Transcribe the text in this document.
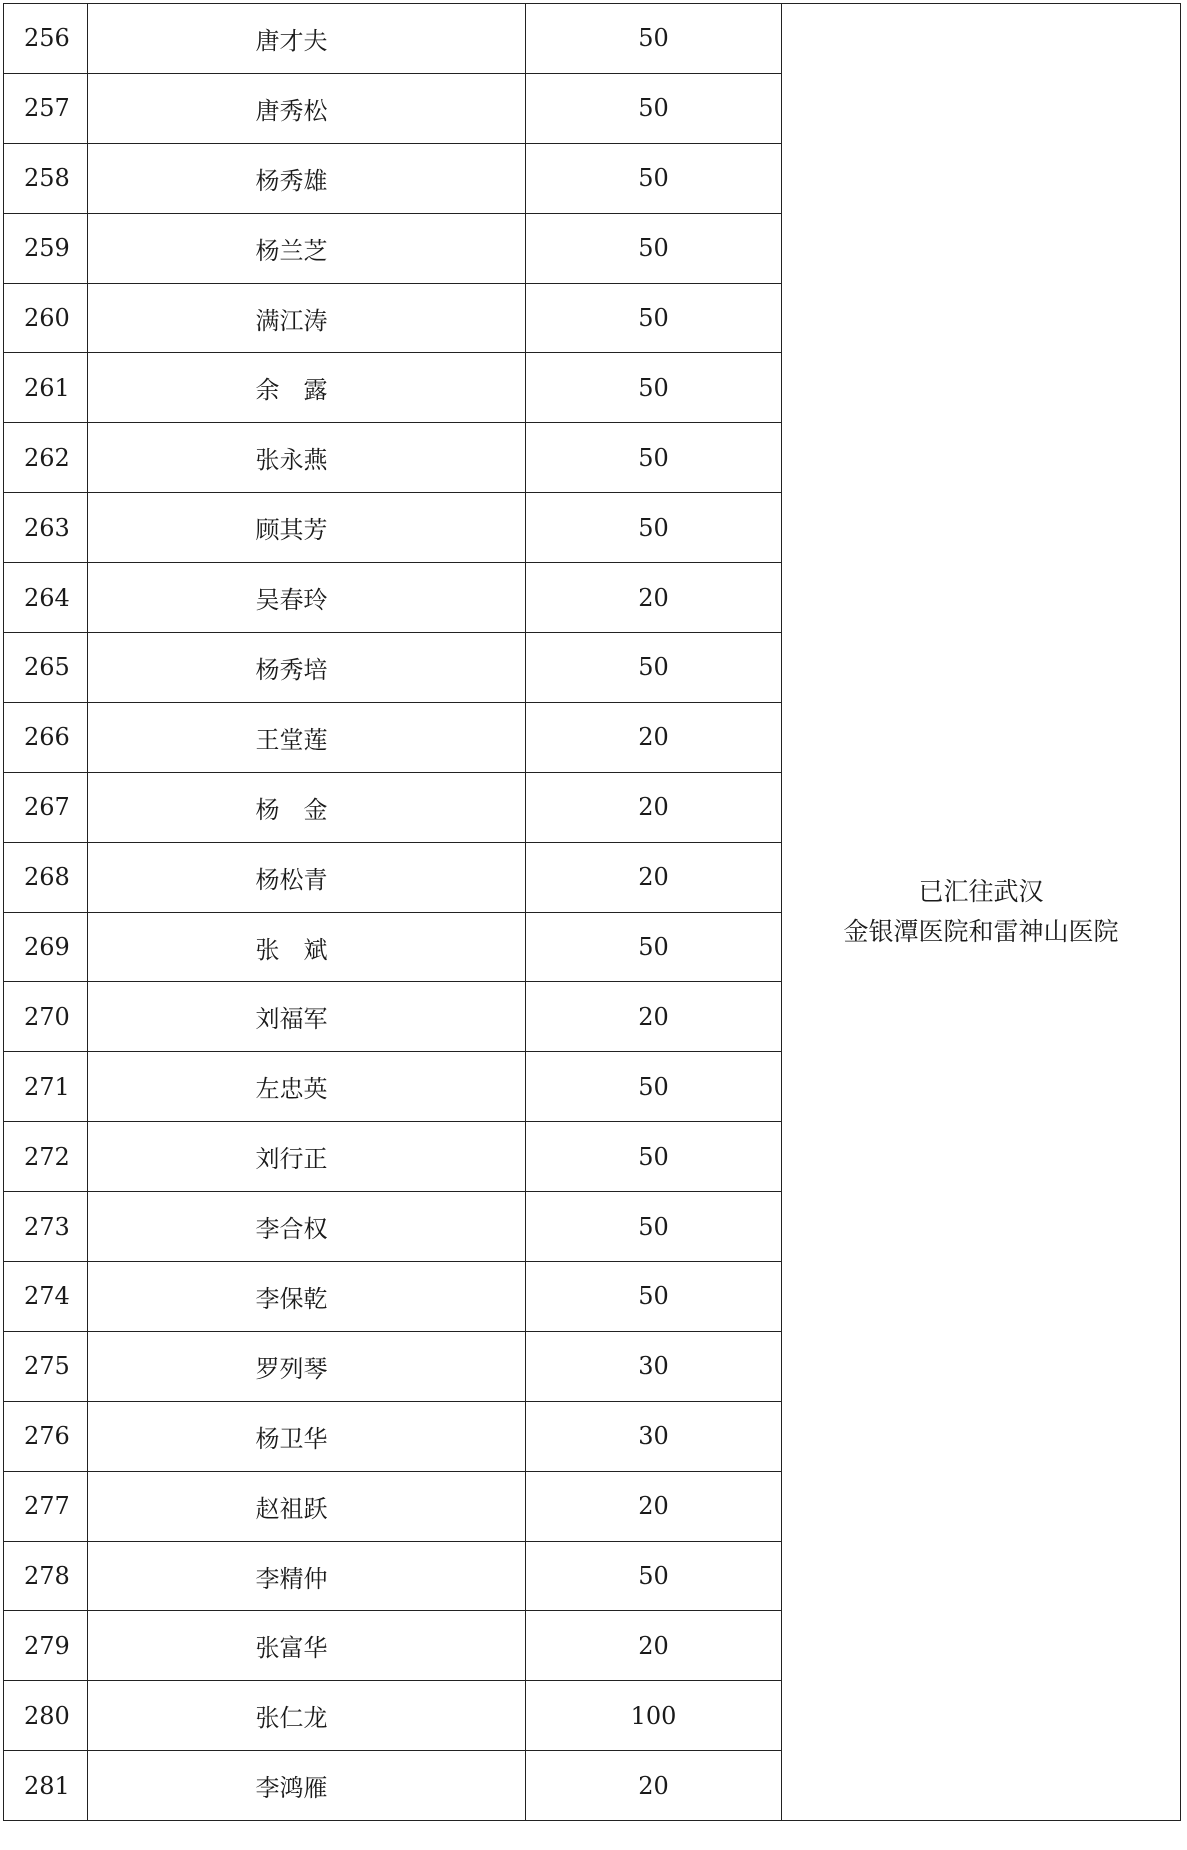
256	唐才夫	50	已汇往武汉
金银潭医院和雷神山医院

257	唐秀松	50	
258	杨秀雄	50	
259	杨兰芝	50	
260	满江涛	50	
261	余　露	50	
262	张永燕	50	
263	顾其芳	50	
264	吴春玲	20	
265	杨秀培	50	
266	王堂莲	20	
267	杨　金	20	
268	杨松青	20	
269	张　斌	50	
270	刘福军	20	
271	左忠英	50	
272	刘行正	50	
273	李合权	50	
274	李保乾	50	
275	罗列琴	30	
276	杨卫华	30	
277	赵祖跃	20	
278	李精仲	50	
279	张富华	20	
280	张仁龙	100	
281	李鸿雁	20	
